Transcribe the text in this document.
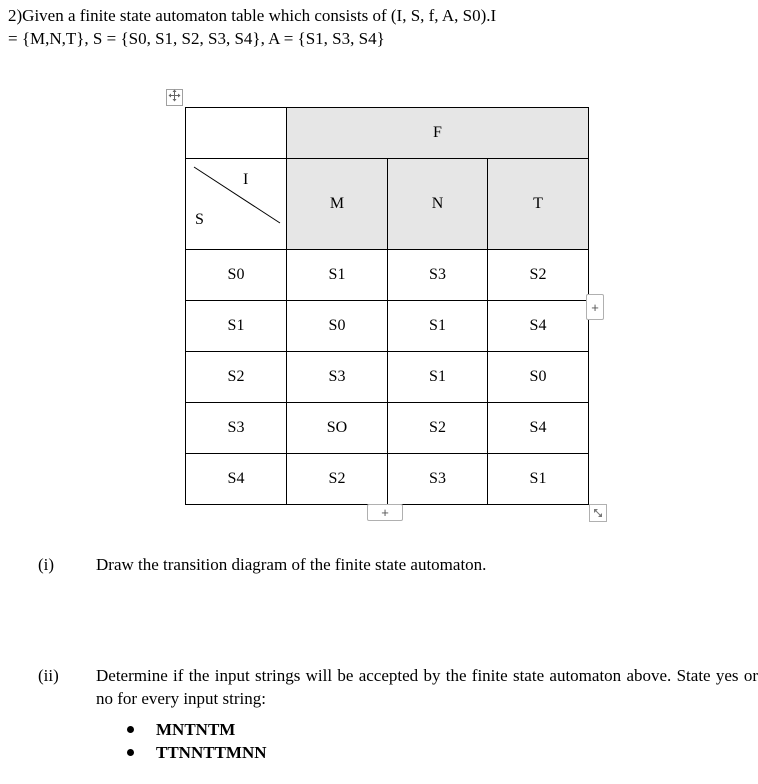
2)Given a finite state automaton table which consists of (I, S, f, A, S0).I
= {M,N,T}, S = {S0, S1, S2, S3, S4}, A = {S1, S3, S4}
	F		

I
S	M	N	T
S0	S1	S3	S2
S1	S0	S1	S4
S2	S3	S1	S0
S3	SO	S2	S4
S4	S2	S3	S1
+
+
(i) Draw the transition diagram of the finite state automaton.
(ii) Determine if the input strings will be accepted by the finite state automaton above. State yes or no for every input string:
MNTNTM
TTNNTTMNN
